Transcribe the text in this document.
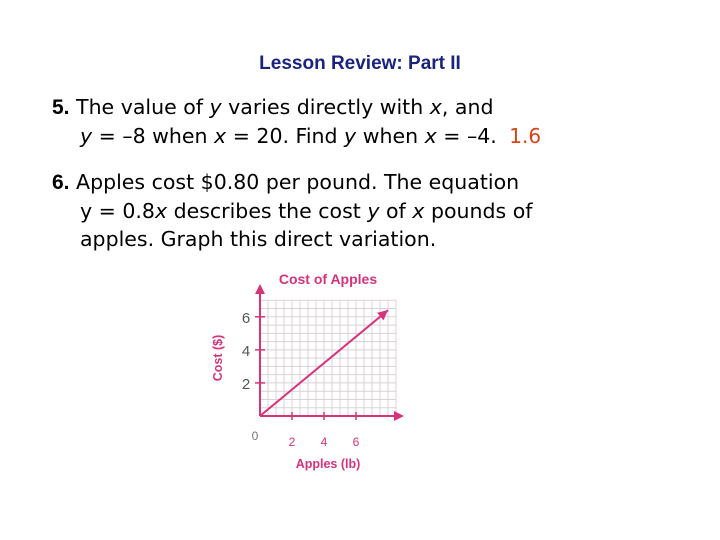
Lesson Review: Part II
5. The value of y varies directly with x, and
y = –8 when x = 20. Find y when x = –4. 1.6
6. Apples cost $0.80 per pound. The equation
y = 0.8x describes the cost y of x pounds of
apples. Graph this direct variation.
Cost of Apples
Apples (lb)
Cost ($)
0	2 4 6
2
4
6
